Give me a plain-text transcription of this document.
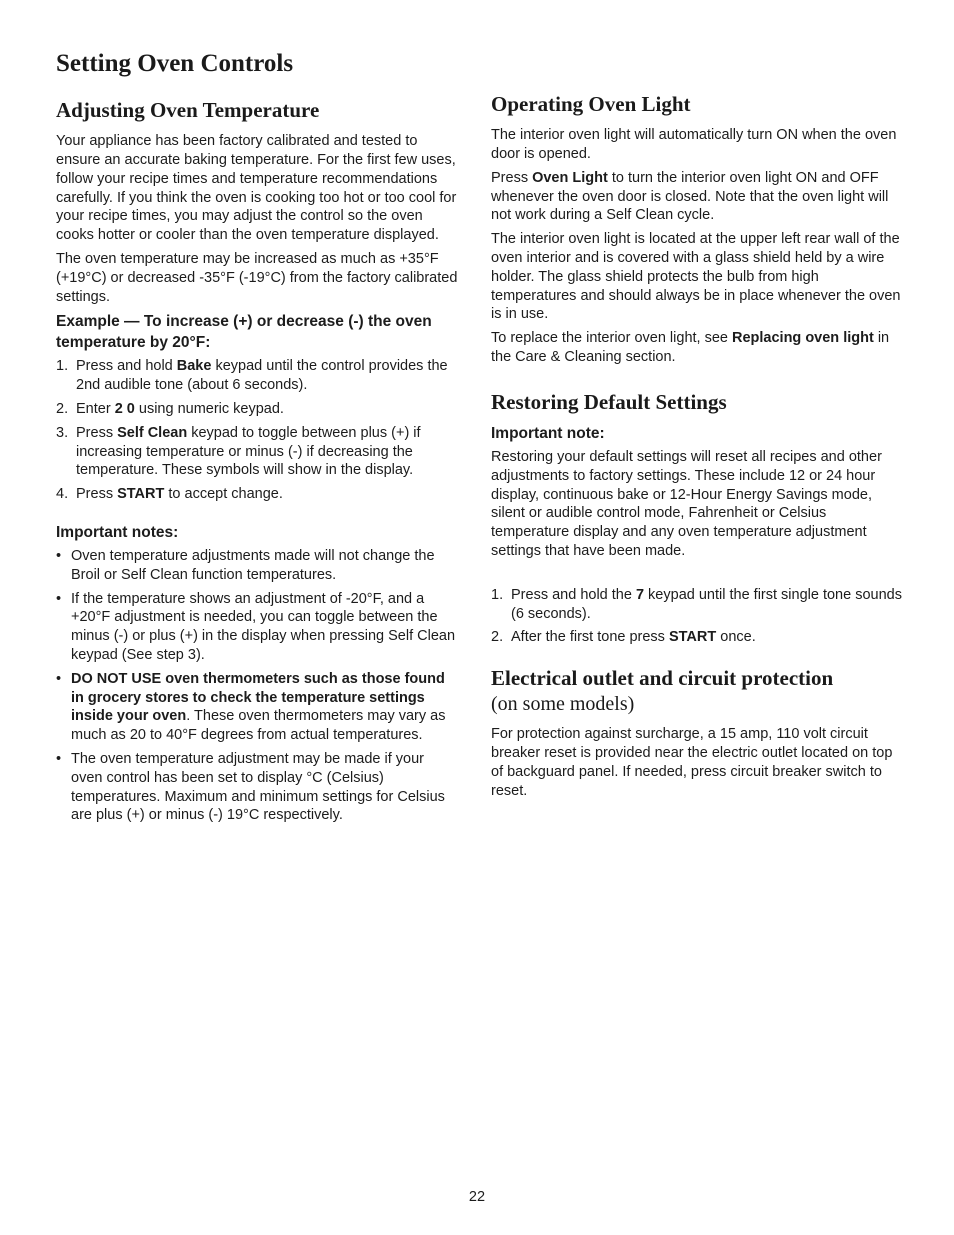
Setting Oven Controls
Adjusting Oven Temperature

Your appliance has been factory calibrated and tested to ensure an accurate baking temperature. For the first few uses, follow your recipe times and temperature recommendations carefully. If you think the oven is cooking too hot or too cool for your recipe times, you may adjust the control so the oven cooks hotter or cooler than the oven temperature displayed.

The oven temperature may be increased as much as +35°F (+19°C) or decreased -35°F (-19°C) from the factory calibrated settings.

Example — To increase (+) or decrease (-) the oven temperature by 20°F:
1. Press and hold Bake keypad until the control provides the 2nd audible tone (about 6 seconds).
2. Enter 2 0 using numeric keypad.
3. Press Self Clean keypad to toggle between plus (+) if increasing temperature or minus (-) if decreasing the temperature. These symbols will show in the display.
4. Press START to accept change.
Important notes:
• Oven temperature adjustments made will not change the Broil or Self Clean function temperatures.
• If the temperature shows an adjustment of -20°F, and a +20°F adjustment is needed, you can toggle between the minus (-) or plus (+) in the display when pressing Self Clean keypad (See step 3).
• DO NOT USE oven thermometers such as those found in grocery stores to check the temperature settings inside your oven. These oven thermometers may vary as much as 20 to 40°F degrees from actual temperatures.
• The oven temperature adjustment may be made if your oven control has been set to display °C (Celsius) temperatures. Maximum and minimum settings for Celsius are plus (+) or minus (-) 19°C respectively.
Operating Oven Light

The interior oven light will automatically turn ON when the oven door is opened.

Press Oven Light to turn the interior oven light ON and OFF whenever the oven door is closed. Note that the oven light will not work during a Self Clean cycle.

The interior oven light is located at the upper left rear wall of the oven interior and is covered with a glass shield held by a wire holder. The glass shield protects the bulb from high temperatures and should always be in place whenever the oven is in use.

To replace the interior oven light, see Replacing oven light in the Care & Cleaning section.

Restoring Default Settings
Important note:

Restoring your default settings will reset all recipes and other adjustments to factory settings. These include 12 or 24 hour display, continuous bake or 12-Hour Energy Savings mode, silent or audible control mode, Fahrenheit or Celsius temperature display and any oven temperature adjustment settings that have been made.

1. Press and hold the 7 keypad until the first single tone sounds (6 seconds).
2. After the first tone press START once.
Electrical outlet and circuit protection
(on some models)

For protection against surcharge, a 15 amp, 110 volt circuit breaker reset is provided near the electric outlet located on top of backguard panel. If needed, press circuit breaker switch to reset.

22
